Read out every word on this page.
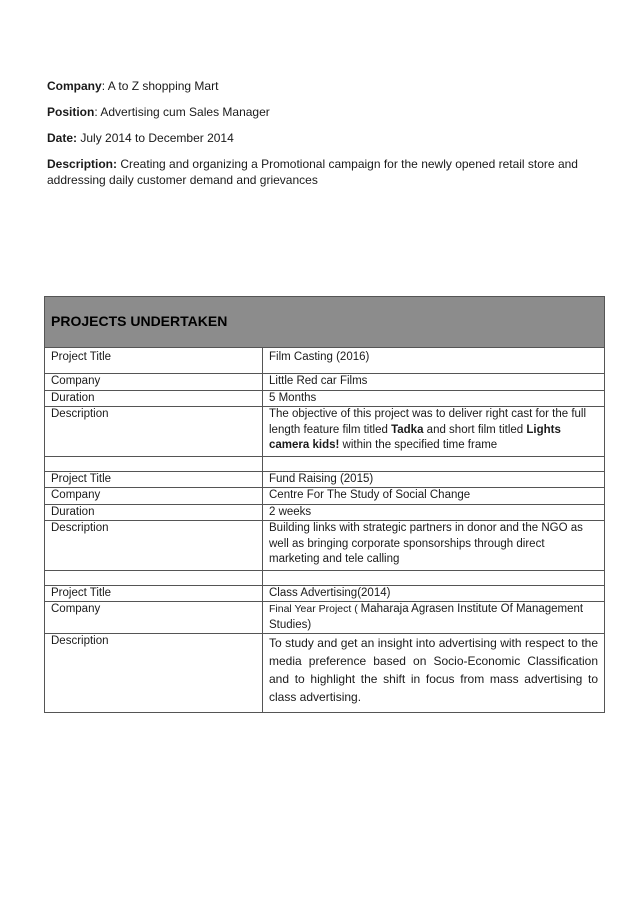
Company: A to Z shopping Mart

Position: Advertising cum Sales Manager

Date: July 2014 to December 2014

Description: Creating and organizing a Promotional campaign for the newly opened retail store and addressing daily customer demand and grievances

PROJECTS UNDERTAKEN	
Project Title	Film Casting (2016)
Company	Little Red car Films
Duration	5 Months
Description	The objective of this project was to deliver right cast for the full length feature film titled Tadka and short film titled Lights camera kids! within the specified time frame

Project Title	Fund Raising (2015)
Company	Centre For The Study of Social Change
Duration	2 weeks
Description	Building links with strategic partners in donor and the NGO as well as bringing corporate sponsorships through direct marketing and tele calling

Project Title	Class Advertising(2014)
Company	Final Year Project ( Maharaja Agrasen Institute Of Management Studies)
Description	To study and get an insight into advertising with respect to the media preference based on Socio-Economic Classification and to highlight the shift in focus from mass advertising to class advertising.
